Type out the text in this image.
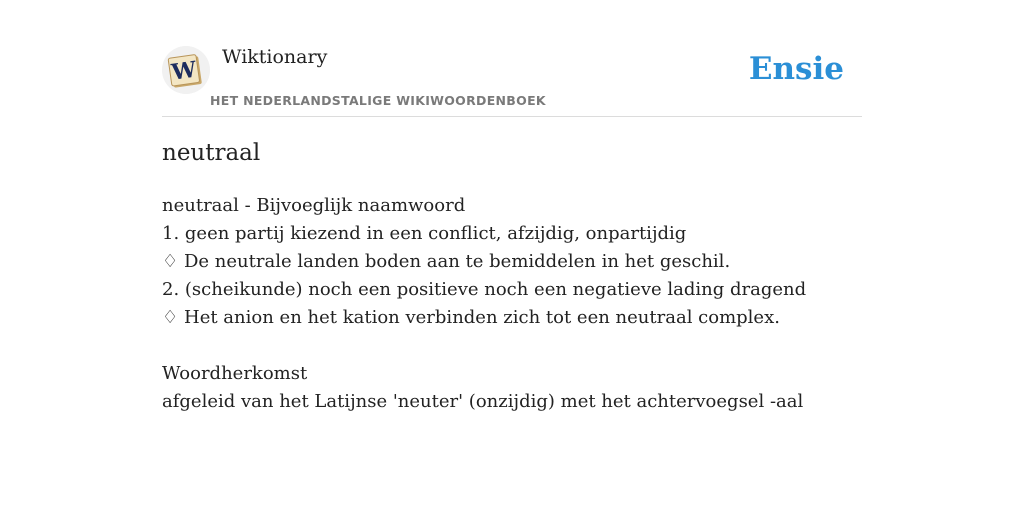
W Wiktionary
HET NEDERLANDSTALIGE WIKIWOORDENBOEK
Ensie
neutraal
neutraal - Bijvoeglijk naamwoord
1. geen partij kiezend in een conflict, afzijdig, onpartijdig
♢ De neutrale landen boden aan te bemiddelen in het geschil.
2. (scheikunde) noch een positieve noch een negatieve lading dragend
♢ Het anion en het kation verbinden zich tot een neutraal complex.
Woordherkomst
afgeleid van het Latijnse 'neuter' (onzijdig) met het achtervoegsel -aal
